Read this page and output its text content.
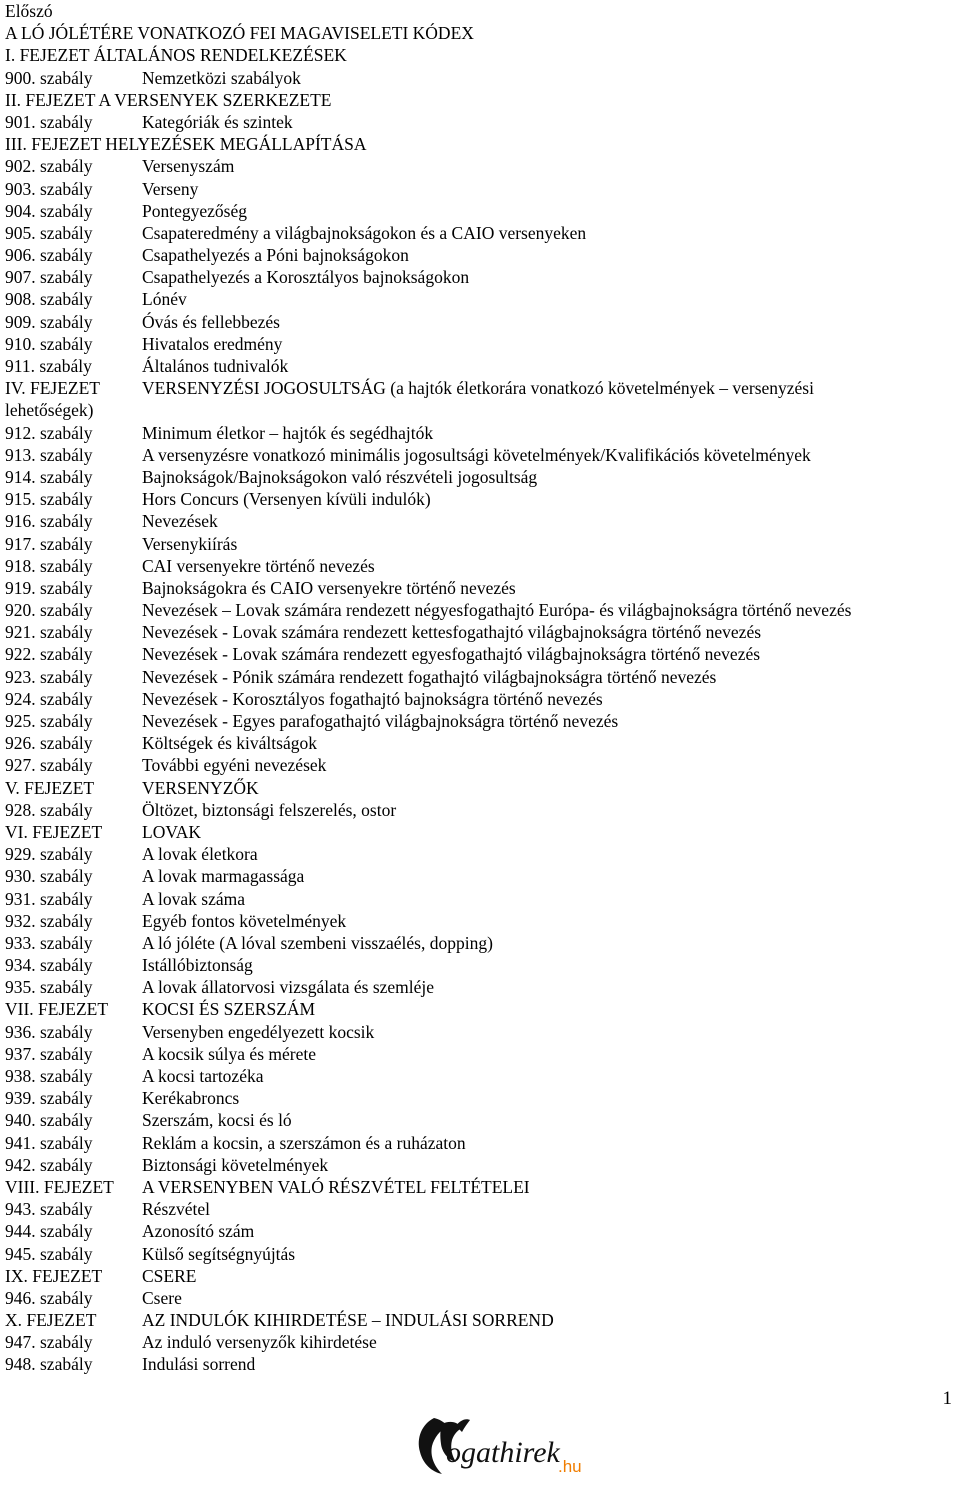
Előszó
A LÓ JÓLÉTÉRE VONATKOZÓ FEI MAGAVISELETI KÓDEX
I. FEJEZET ÁLTALÁNOS RENDELKEZÉSEK
900. szabály	Nemzetközi szabályok
II. FEJEZET A VERSENYEK SZERKEZETE
901. szabály	Kategóriák és szintek
III. FEJEZET HELYEZÉSEK MEGÁLLAPÍTÁSA
902. szabály	Versenyszám
903. szabály	Verseny
904. szabály	Pontegyezőség
905. szabály	Csapateredmény a világbajnokságokon és a CAIO versenyeken
906. szabály	Csapathelyezés a Póni bajnokságokon
907. szabály	Csapathelyezés a Korosztályos bajnokságokon
908. szabály	Lónév
909. szabály	Óvás és fellebbezés
910. szabály	Hivatalos eredmény
911. szabály	Általános tudnivalók
IV. FEJEZET VERSENYZÉSI JOGOSULTSÁG (a hajtók életkorára vonatkozó követelmények – versenyzési
lehetőségek)
912. szabály	Minimum életkor – hajtók és segédhajtók
913. szabály	A versenyzésre vonatkozó minimális jogosultsági követelmények/Kvalifikációs követelmények
914. szabály	Bajnokságok/Bajnokságokon való részvételi jogosultság
915. szabály	Hors Concurs (Versenyen kívüli indulók)
916. szabály	Nevezések
917. szabály	Versenykiírás
918. szabály	CAI versenyekre történő nevezés
919. szabály	Bajnokságokra és CAIO versenyekre történő nevezés
920. szabály	Nevezések – Lovak számára rendezett négyesfogathajtó Európa- és világbajnokságra történő nevezés
921. szabály	Nevezések - Lovak számára rendezett kettesfogathajtó világbajnokságra történő nevezés
922. szabály	Nevezések - Lovak számára rendezett egyesfogathajtó világbajnokságra történő nevezés
923. szabály	Nevezések - Pónik számára rendezett fogathajtó világbajnokságra történő nevezés
924. szabály	Nevezések - Korosztályos fogathajtó bajnokságra történő nevezés
925. szabály	Nevezések - Egyes parafogathajtó világbajnokságra történő nevezés
926. szabály	Költségek és kiváltságok
927. szabály	További egyéni nevezések
V. FEJEZET	VERSENYZŐK
928. szabály	Öltözet, biztonsági felszerelés, ostor
VI. FEJEZET LOVAK
929. szabály	A lovak életkora
930. szabály	A lovak marmagassága
931. szabály	A lovak száma
932. szabály	Egyéb fontos követelmények
933. szabály	A ló jóléte (A lóval szembeni visszaélés, dopping)
934. szabály	Istállóbiztonság
935. szabály	A lovak állatorvosi vizsgálata és szemléje
VII. FEJEZET KOCSI ÉS SZERSZÁM
936. szabály	Versenyben engedélyezett kocsik
937. szabály	A kocsik súlya és mérete
938. szabály	A kocsi tartozéka
939. szabály	Kerékabroncs
940. szabály	Szerszám, kocsi és ló
941. szabály	Reklám a kocsin, a szerszámon és a ruházaton
942. szabály	Biztonsági követelmények
VIII. FEJEZET A VERSENYBEN VALÓ RÉSZVÉTEL FELTÉTELEI
943. szabály	Részvétel
944. szabály	Azonosító szám
945. szabály	Külső segítségnyújtás
IX. FEJEZET CSERE
946. szabály	Csere
X. FEJEZET	AZ INDULÓK KIHIRDETÉSE – INDULÁSI SORREND
947. szabály	Az induló versenyzők kihirdetése
948. szabály	Indulási sorrend
1
ogathirek
.hu
